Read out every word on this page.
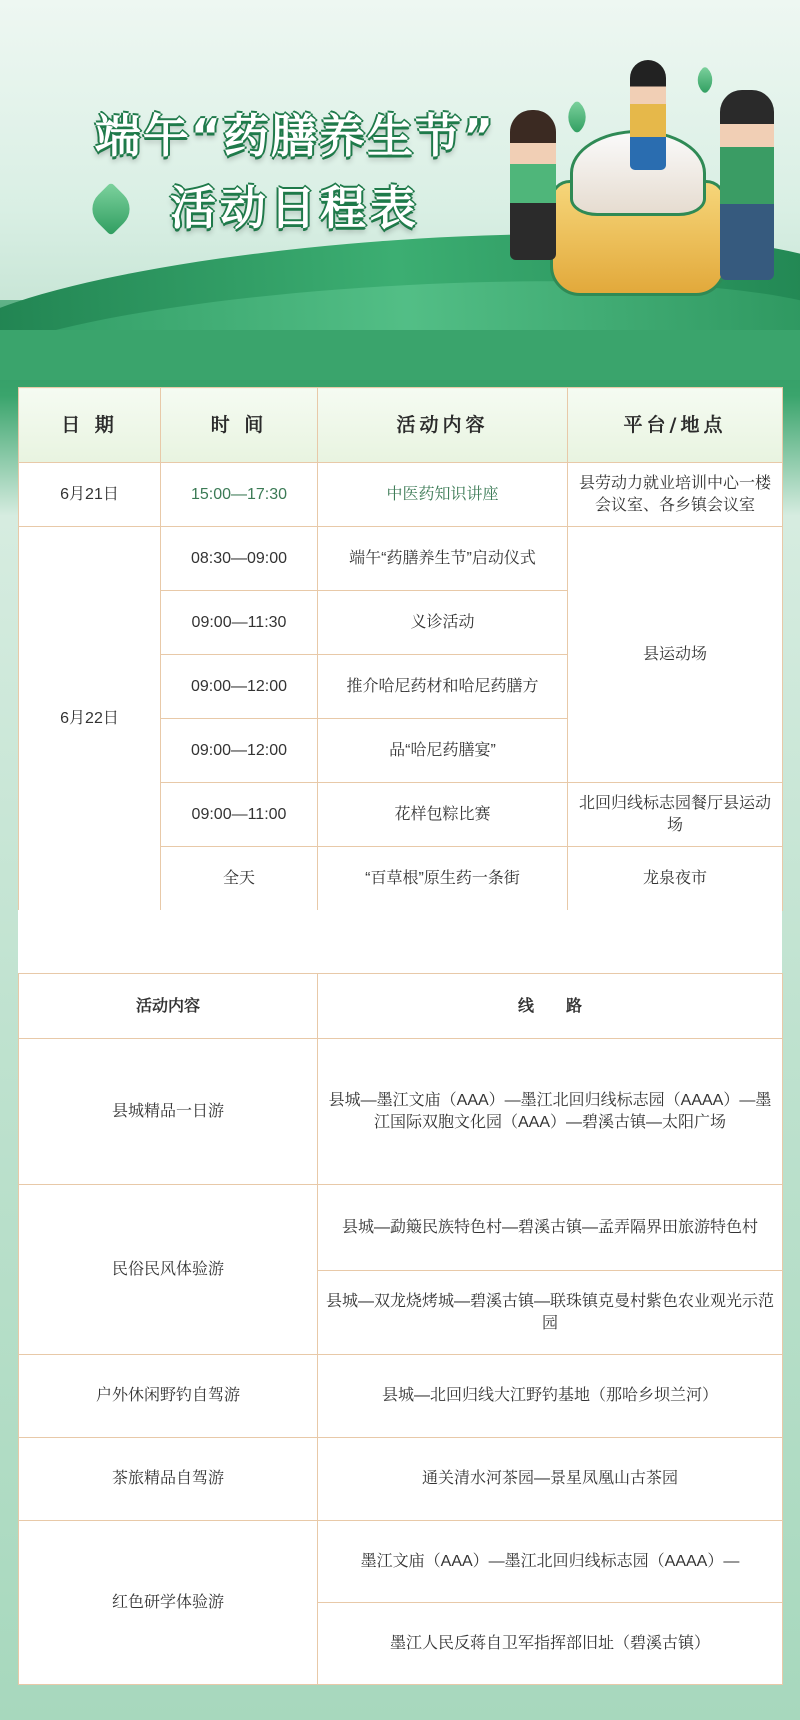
端午“药膳养生节”
活动日程表
日 期	时 间	活动内容	平台/地点
6月21日	15:00—17:30	中医药知识讲座	县劳动力就业培训中心一楼会议室、各乡镇会议室
6月22日	08:30—09:00	端午“药膳养生节”启动仪式	县运动场
	09:00—11:30	义诊活动	
	09:00—12:00	推介哈尼药材和哈尼药膳方	
	09:00—12:00	品“哈尼药膳宴”	
	09:00—11:00	花样包粽比赛	北回归线标志园餐厅县运动场
	全天	“百草根”原生药一条街	龙泉夜市
活动内容	线　　路
县城精品一日游	县城—墨江文庙（AAA）—墨江北回归线标志园（AAAA）—墨江国际双胞文化园（AAA）—碧溪古镇—太阳广场
民俗民风体验游	县城—勐簸民族特色村—碧溪古镇—孟弄隔界田旅游特色村
	县城—双龙烧烤城—碧溪古镇—联珠镇克曼村紫色农业观光示范园
户外休闲野钓自驾游	县城—北回归线大江野钓基地（那哈乡坝兰河）
茶旅精品自驾游	通关清水河茶园—景星凤凰山古茶园
红色研学体验游	墨江文庙（AAA）—墨江北回归线标志园（AAAA）—
	墨江人民反蒋自卫军指挥部旧址（碧溪古镇）
